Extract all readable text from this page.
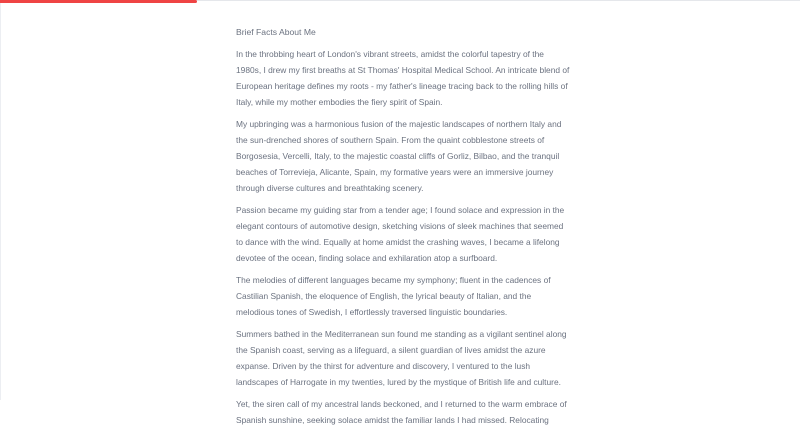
Brief Facts About Me

In the throbbing heart of London's vibrant streets, amidst the colorful tapestry of the 1980s, I drew my first breaths at St Thomas' Hospital Medical School. An intricate blend of European heritage defines my roots - my father's lineage tracing back to the rolling hills of Italy, while my mother embodies the fiery spirit of Spain.

My upbringing was a harmonious fusion of the majestic landscapes of northern Italy and the sun-drenched shores of southern Spain. From the quaint cobblestone streets of Borgosesia, Vercelli, Italy, to the majestic coastal cliffs of Gorliz, Bilbao, and the tranquil beaches of Torrevieja, Alicante, Spain, my formative years were an immersive journey through diverse cultures and breathtaking scenery.

Passion became my guiding star from a tender age; I found solace and expression in the elegant contours of automotive design, sketching visions of sleek machines that seemed to dance with the wind. Equally at home amidst the crashing waves, I became a lifelong devotee of the ocean, finding solace and exhilaration atop a surfboard.

The melodies of different languages became my symphony; fluent in the cadences of Castilian Spanish, the eloquence of English, the lyrical beauty of Italian, and the melodious tones of Swedish, I effortlessly traversed linguistic boundaries.

Summers bathed in the Mediterranean sun found me standing as a vigilant sentinel along the Spanish coast, serving as a lifeguard, a silent guardian of lives amidst the azure expanse. Driven by the thirst for adventure and discovery, I ventured to the lush landscapes of Harrogate in my twenties, lured by the mystique of British life and culture.

Yet, the siren call of my ancestral lands beckoned, and I returned to the warm embrace of Spanish sunshine, seeking solace amidst the familiar lands I had missed. Relocating
